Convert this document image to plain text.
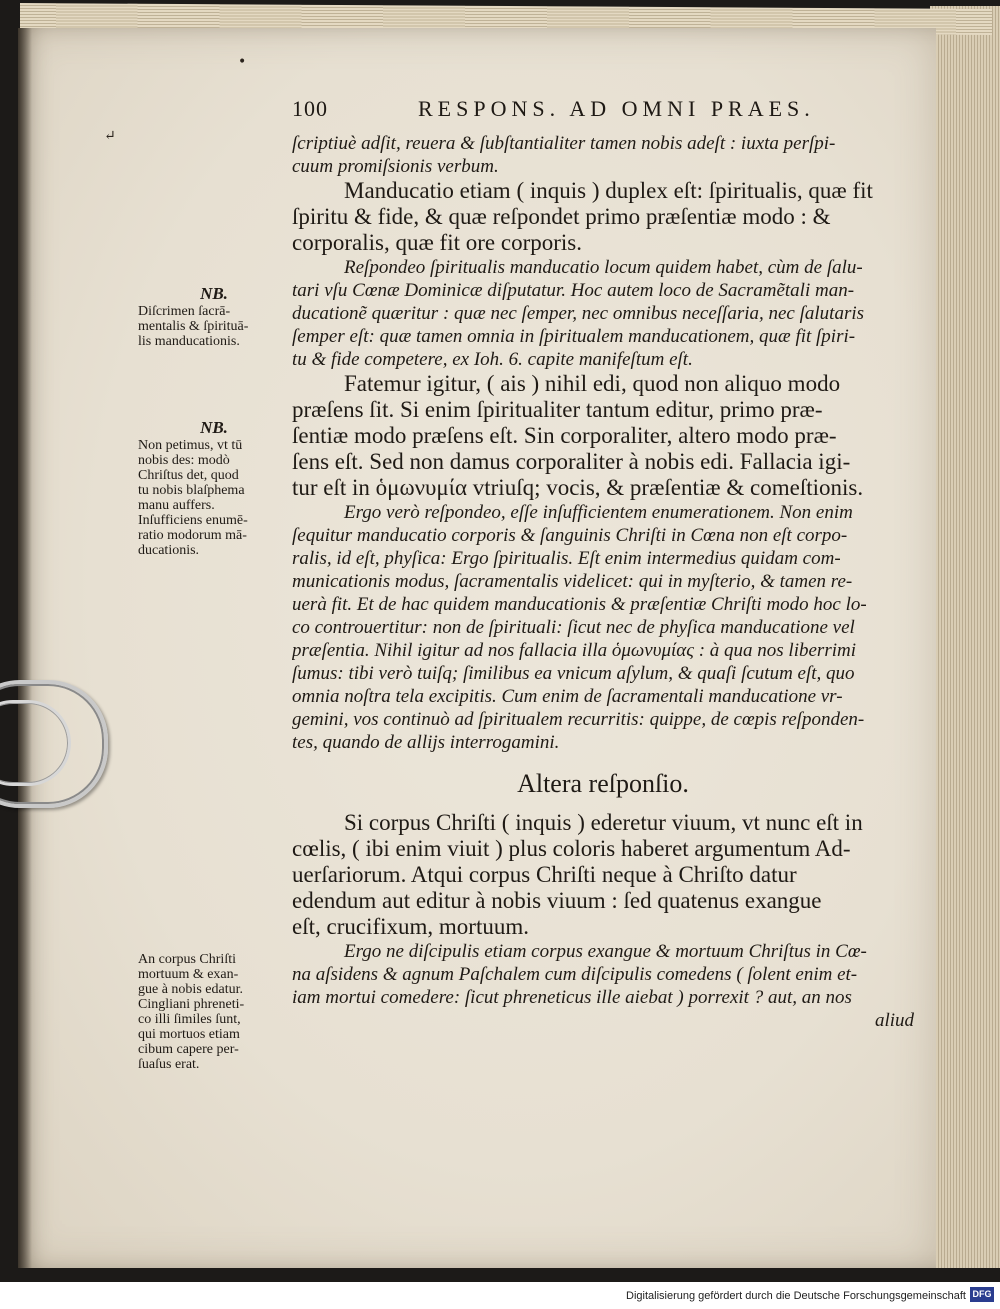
•
↵
100	RESPONS. AD OMNI PRAES.
ſcriptiuè adſit, reuera & ſubſtantialiter tamen nobis adeſt : iuxta perſpi-
cuum promiſsionis verbum.
Manducatio etiam ( inquis ) duplex eſt: ſpiritualis, quæ fit
ſpiritu & fide, & quæ reſpondet primo præſentiæ modo : &
corporalis, quæ fit ore corporis.
Reſpondeo ſpiritualis manducatio locum quidem habet, cùm de ſalu-
tari vſu Cœnæ Dominicæ diſputatur. Hoc autem loco de Sacramẽtali man-
ducationẽ quæritur : quæ nec ſemper, nec omnibus neceſſaria, nec ſalutaris
ſemper eſt: quæ tamen omnia in ſpiritualem manducationem, quæ fit ſpiri-
tu & fide competere, ex Ioh. 6. capite manifeſtum eſt.
Fatemur igitur, ( ais ) nihil edi, quod non aliquo modo
præſens ſit. Si enim ſpiritualiter tantum editur, primo præ-
ſentiæ modo præſens eſt. Sin corporaliter, altero modo præ-
ſens eſt. Sed non damus corporaliter à nobis edi. Fallacia igi-
tur eſt in ὁμωνυμία vtriuſq; vocis, & præſentiæ & comeſtionis.
Ergo verò reſpondeo, eſſe inſufficientem enumerationem. Non enim
ſequitur manducatio corporis & ſanguinis Chriſti in Cœna non eſt corpo-
ralis, id eſt, phyſica: Ergo ſpiritualis. Eſt enim intermedius quidam com-
municationis modus, ſacramentalis videlicet: qui in myſterio, & tamen re-
uerà fit. Et de hac quidem manducationis & præſentiæ Chriſti modo hoc lo-
co controuertitur: non de ſpirituali: ſicut nec de phyſica manducatione vel
præſentia. Nihil igitur ad nos fallacia illa ὁμωνυμίας : à qua nos liberrimi
ſumus: tibi verò tuiſq; ſimilibus ea vnicum aſylum, & quaſi ſcutum eſt, quo
omnia noſtra tela excipitis. Cum enim de ſacramentali manducatione vr-
gemini, vos continuò ad ſpiritualem recurritis: quippe, de cœpis reſponden-
tes, quando de allijs interrogamini.
Altera reſponſio.
Si corpus Chriſti ( inquis ) ederetur viuum, vt nunc eſt in
cœlis, ( ibi enim viuit ) plus coloris haberet argumentum Ad-
uerſariorum. Atqui corpus Chriſti neque à Chriſto datur
edendum aut editur à nobis viuum : ſed quatenus exangue
eſt, crucifixum, mortuum.
Ergo ne diſcipulis etiam corpus exangue & mortuum Chriſtus in Cœ-
na aſsidens & agnum Paſchalem cum diſcipulis comedens ( ſolent enim et-
iam mortui comedere: ſicut phreneticus ille aiebat ) porrexit ? aut, an nos
aliud
NB.
Diſcrimen ſacrā-
mentalis & ſpirituā-
lis manducationis.
NB.
Non petimus, vt tū
nobis des: modò
Chriſtus det, quod
tu nobis blaſphema
manu auffers.
Inſufficiens enumē-
ratio modorum mā-
ducationis.
An corpus Chriſti
mortuum & exan-
gue à nobis edatur.
Cingliani phreneti-
co illi ſimiles ſunt,
qui mortuos etiam
cibum capere per-
ſuaſus erat.
Digitalisierung gefördert durch die Deutsche Forschungsgemeinschaft DFG
